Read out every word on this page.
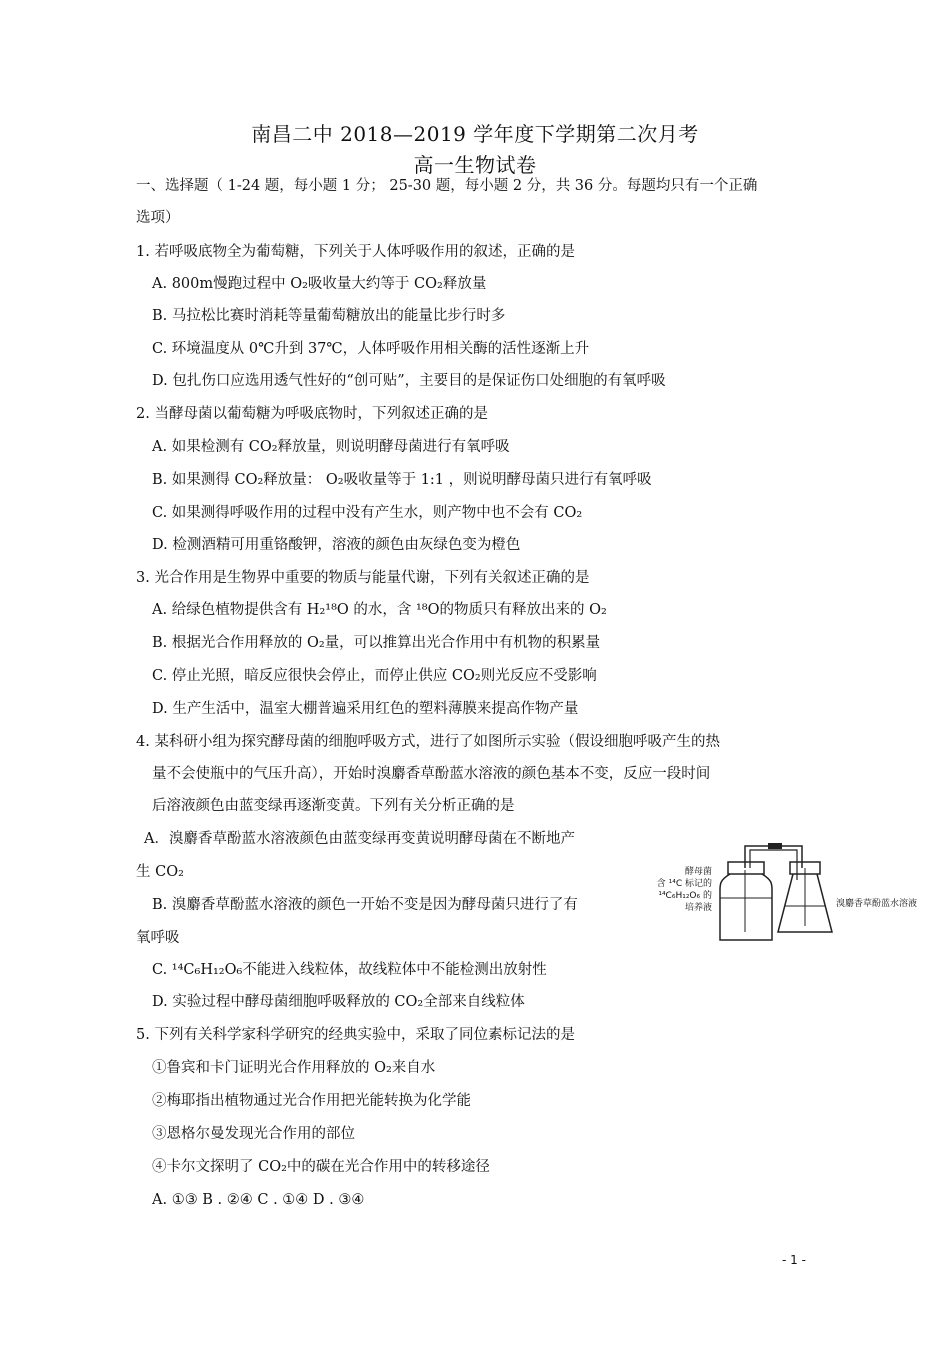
南昌二中 2018—2019 学年度下学期第二次月考
高一生物试卷
一、选择题（ 1-24 题，每小题 1 分； 25-30 题，每小题 2 分，共 36 分。每题均只有一个正确
选项）
1. 若呼吸底物全为葡萄糖，下列关于人体呼吸作用的叙述，正确的是
A. 800m慢跑过程中 O₂吸收量大约等于 CO₂释放量
B. 马拉松比赛时消耗等量葡萄糖放出的能量比步行时多
C. 环境温度从 0℃升到 37℃，人体呼吸作用相关酶的活性逐渐上升
D. 包扎伤口应选用透气性好的“创可贴”，主要目的是保证伤口处细胞的有氧呼吸
2. 当酵母菌以葡萄糖为呼吸底物时，下列叙述正确的是
A. 如果检测有 CO₂释放量，则说明酵母菌进行有氧呼吸
B. 如果测得 CO₂释放量： O₂吸收量等于 1:1 ，则说明酵母菌只进行有氧呼吸
C. 如果测得呼吸作用的过程中没有产生水，则产物中也不会有 CO₂
D. 检测酒精可用重铬酸钾，溶液的颜色由灰绿色变为橙色
3. 光合作用是生物界中重要的物质与能量代谢，下列有关叙述正确的是
A. 给绿色植物提供含有 H₂¹⁸O 的水，含 ¹⁸O的物质只有释放出来的 O₂
B. 根据光合作用释放的 O₂量，可以推算出光合作用中有机物的积累量
C. 停止光照，暗反应很快会停止，而停止供应 CO₂则光反应不受影响
D. 生产生活中，温室大棚普遍采用红色的塑料薄膜来提高作物产量
4. 某科研小组为探究酵母菌的细胞呼吸方式，进行了如图所示实验（假设细胞呼吸产生的热
量不会使瓶中的气压升高），开始时溴麝香草酚蓝水溶液的颜色基本不变，反应一段时间
后溶液颜色由蓝变绿再逐渐变黄。下列有关分析正确的是
A．溴麝香草酚蓝水溶液颜色由蓝变绿再变黄说明酵母菌在不断地产
生 CO₂
B. 溴麝香草酚蓝水溶液的颜色一开始不变是因为酵母菌只进行了有
氧呼吸
C. ¹⁴C₆H₁₂O₆不能进入线粒体，故线粒体中不能检测出放射性
D. 实验过程中酵母菌细胞呼吸释放的 CO₂全部来自线粒体
酵母菌
含 ¹⁴C 标记的
¹⁴C₆H₁₂O₆ 的
培养液	溴麝香草酚蓝水溶液
5. 下列有关科学家科学研究的经典实验中，采取了同位素标记法的是
①鲁宾和卡门证明光合作用释放的 O₂来自水
②梅耶指出植物通过光合作用把光能转换为化学能
③恩格尔曼发现光合作用的部位
④卡尔文探明了 CO₂中的碳在光合作用中的转移途径
A. ①③ B . ②④ C . ①④ D . ③④
- 1 -
